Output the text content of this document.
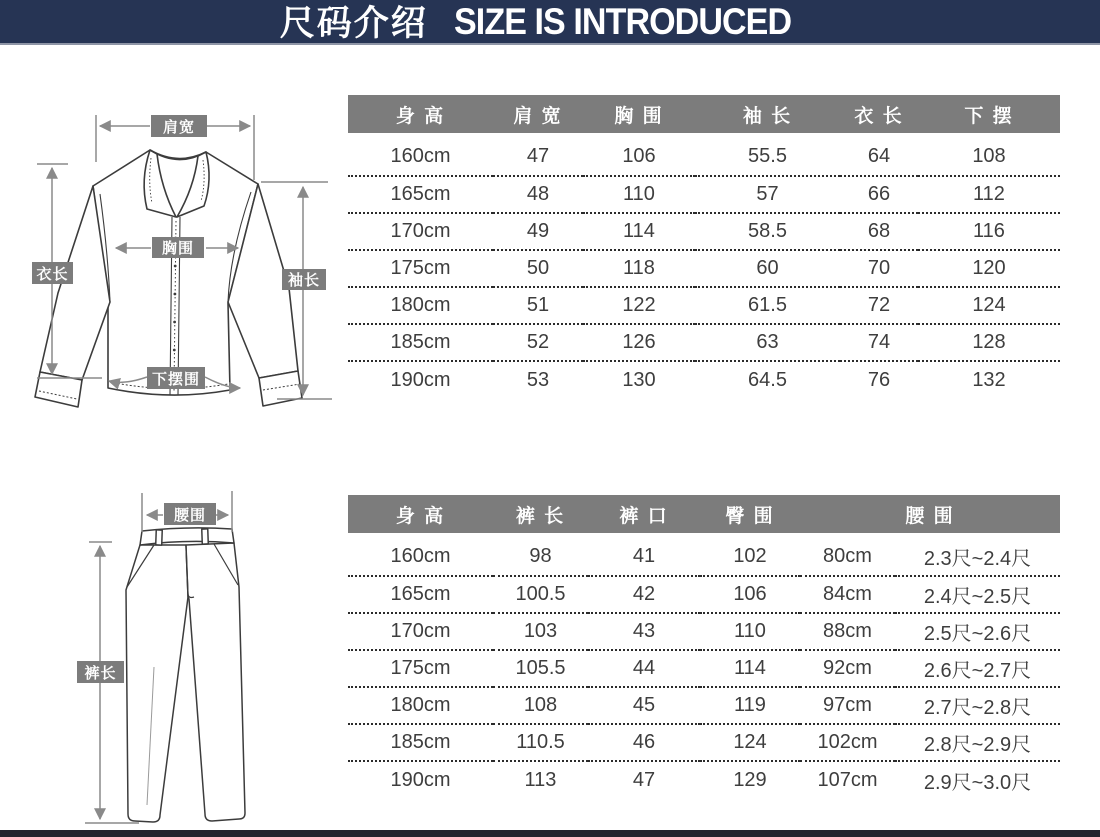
尺码介绍 SIZE IS INTRODUCED
肩宽
衣长
胸围
袖长
下摆围
身 高	肩 宽	胸 围	袖 长	衣 长	下 摆
160cm	47	106	55.5	64	108
165cm	48	110	57	66	112
170cm	49	114	58.5	68	116
175cm	50	118	60	70	120
180cm	51	122	61.5	72	124
185cm	52	126	63	74	128
190cm	53	130	64.5	76	132
腰围
裤长
身 高	裤 长	裤 口	臀 围	腰 围	
160cm	98	41	102	80cm	2.3尺~2.4尺
165cm	100.5	42	106	84cm	2.4尺~2.5尺
170cm	103	43	110	88cm	2.5尺~2.6尺
175cm	105.5	44	114	92cm	2.6尺~2.7尺
180cm	108	45	119	97cm	2.7尺~2.8尺
185cm	110.5	46	124	102cm	2.8尺~2.9尺
190cm	113	47	129	107cm	2.9尺~3.0尺
